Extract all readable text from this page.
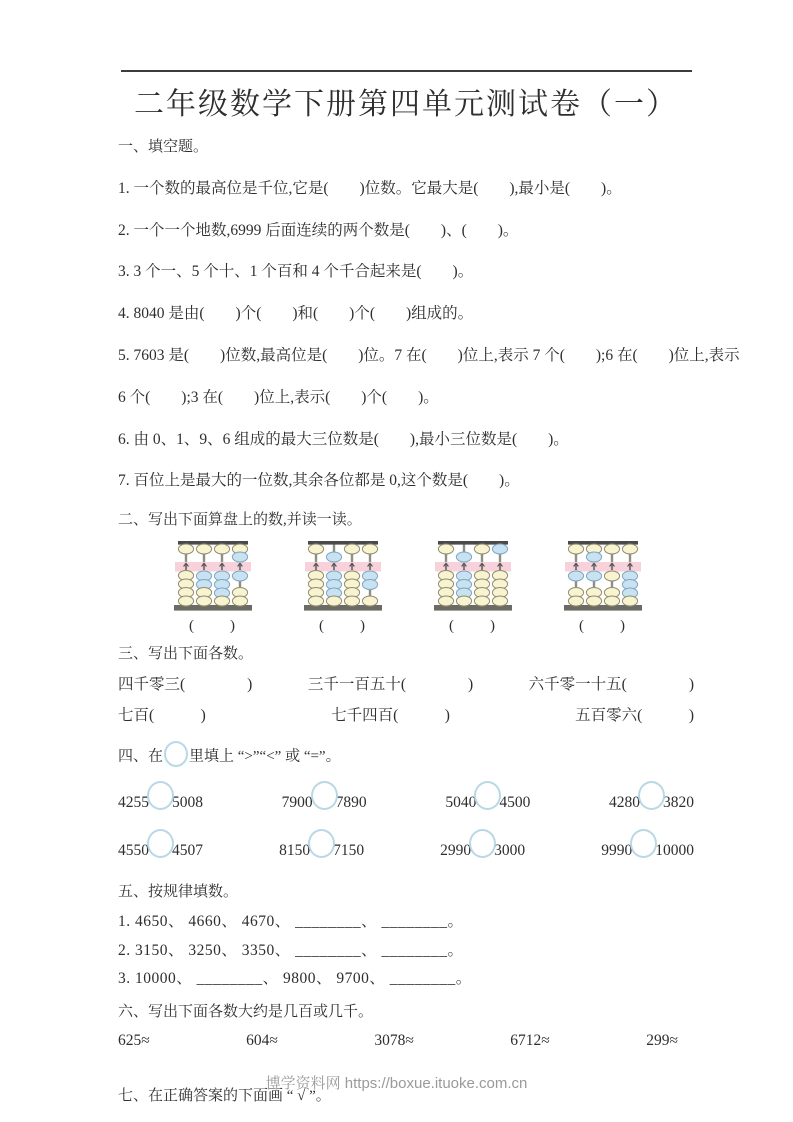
二年级数学下册第四单元测试卷（一）
一、填空题。
1. 一个数的最高位是千位,它是(　　)位数。它最大是(　　),最小是(　　)。
2. 一个一个地数,6999 后面连续的两个数是(　　)、(　　)。
3. 3 个一、5 个十、1 个百和 4 个千合起来是(　　)。
4. 8040 是由(　　)个(　　)和(　　)个(　　)组成的。
5. 7603 是(　　)位数,最高位是(　　)位。7 在(　　)位上,表示 7 个(　　);6 在(　　)位上,表示
6 个(　　);3 在(　　)位上,表示(　　)个(　　)。
6. 由 0、1、9、6 组成的最大三位数是(　　),最小三位数是(　　)。
7. 百位上是最大的一位数,其余各位都是 0,这个数是(　　)。
二、写出下面算盘上的数,并读一读。
(　　)	(　　)	(　　)	(　　)
三、写出下面各数。
四千零三(　　　　)	三千一百五十(　　　　)	六千零一十五(　　　　)
七百(　　　)	七千四百(　　　)	五百零六(　　　)
四、在 里填上 “>”“<” 或 “=”。
4255 5008	7900 7890	5040 4500	4280 3820
4550 4507	8150 7150	2990 3000	9990 10000
五、按规律填数。
1. 4650、 4660、 4670、 ________、 ________。
2. 3150、 3250、 3350、 ________、 ________。
3. 10000、 ________、 9800、 9700、 ________。
六、写出下面各数大约是几百或几千。
625≈	604≈	3078≈	6712≈	299≈
七、在正确答案的下面画 “ √ ”。
博学资料网 https://boxue.ituoke.com.cn
